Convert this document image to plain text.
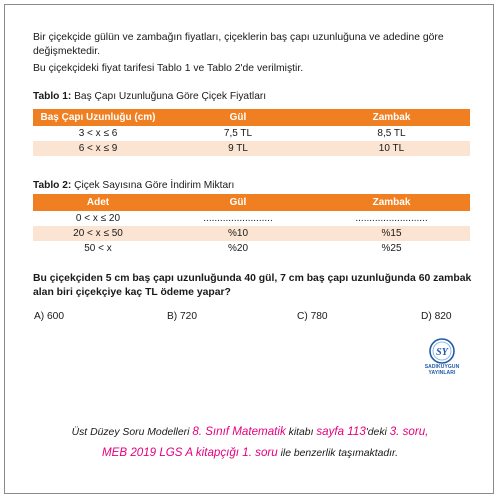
Bir çiçekçide gülün ve zambağın fiyatları, çiçeklerin baş çapı uzunluğuna ve adedine göre değişmektedir.

Bu çiçekçideki fiyat tarifesi Tablo 1 ve Tablo 2'de verilmiştir.

Tablo 1: Baş Çapı Uzunluğuna Göre Çiçek Fiyatları
Baş Çapı Uzunluğu (cm)	Gül	Zambak
3 < x ≤ 6	7,5 TL	8,5 TL
6 < x ≤ 9	9 TL	10 TL
Tablo 2: Çiçek Sayısına Göre İndirim Miktarı
Adet	Gül	Zambak
0 < x ≤ 20	.........................	..........................
20 < x ≤ 50	%10	%15
50 < x	%20	%25
Bu çiçekçiden 5 cm baş çapı uzunluğunda 40 gül, 7 cm baş çapı uzunluğunda 60 zambak alan biri çiçekçiye kaç TL ödeme yapar?
A) 600	B) 720	C) 780	D) 820
SY
SADIKUYGUN
YAYINLARI
Üst Düzey Soru Modelleri 8. Sınıf Matematik kitabı sayfa 113'deki 3. soru,
MEB 2019 LGS A kitapçığı 1. soru ile benzerlik taşımaktadır.
